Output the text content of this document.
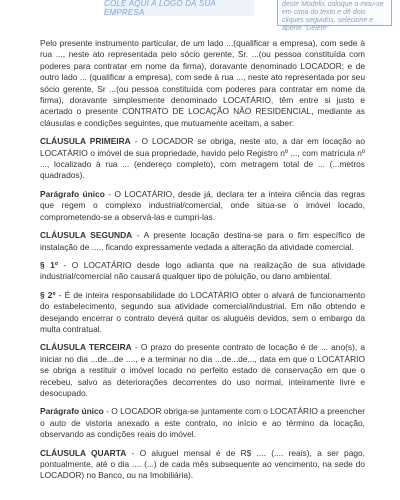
COLE AQUI A LOGO DA SUA EMPRESA
deste Modelo, coloque o mou-se em cima do texto e dê dois cliques seguidos, selecione e aperte "Delete"

Pelo presente instrumento particular, de um lado ...(qualificar a empresa), com sede à rua ..., neste ato representada pelo sócio gerente, Sr. ...(ou pessoa constituída com poderes para contratar em nome da firma), doravante denominado LOCADOR; e de outro lado ... (qualificar a empresa), com sede à rua ..., neste ato representada por seu sócio gerente, Sr ...(ou pessoa constituída com poderes para contratar em nome da firma), doravante simplesmente denominado LOCATÁRIO, têm entre si justo e acertado o presente CONTRATO DE LOCAÇÃO NÃO RESIDENCIAL, mediante as cláusulas e condições seguintes, que mutuamente aceitam, a saber:

CLÁUSULA PRIMEIRA - O LOCADOR se obriga, neste ato, a dar em locação ao LOCATÁRIO o imóvel de sua propriedade, havido pelo Registro nº ..., com matrícula nº ..., localizado à rua ... (endereço completo), com metragem total de ... (...metros quadrados).

Parágrafo único - O LOCATÁRIO, desde já, declara ter a inteira ciência das regras que regem o complexo industrial/comercial, onde situa-se o imóvel locado, comprometendo-se a observá-las e cumpri-las.

CLÁUSULA SEGUNDA - A presente locação destina-se para o fim específico de instalação de ...., ficando expressamente vedada a alteração da atividade comercial.

§ 1º - O LOCATÁRIO desde logo adianta que na realização de sua atividade industrial/comercial não causará qualquer tipo de poluição, ou dano ambiental.

§ 2º - É de inteira responsabilidade do LOCATÁRIO obter o alvará de funcionamento do estabelecimento, segundo sua atividade comercial/industrial. Em não obtendo e desejando encerrar o contrato deverá quitar os aluguéis devidos, sem o embargo da multa contratual.

CLÁUSULA TERCEIRA - O prazo do presente contrato de locação é de ... ano(s), a iniciar no dia ...de...de ...., e a terminar no dia ...de...de..., data em que o LOCATÁRIO se obriga a restituir o imóvel locado no perfeito estado de conservação em que o recebeu, salvo as deteriorações decorrentes do uso normal, inteiramente livre e desocupado.

Parágrafo único - O LOCADOR obriga-se juntamente com o LOCATÁRIO a preencher o auto de vistoria anexado a este contrato, no início e ao término da locação, observando as condições reais do imóvel.

CLÁUSULA QUARTA - O aluguel mensal é de R$ .... (.... reais), a ser pago, pontualmente, até o dia .... (...) de cada mês subsequente ao vencimento, na sede do LOCADOR) no Banco, ou na Imobiliária).
